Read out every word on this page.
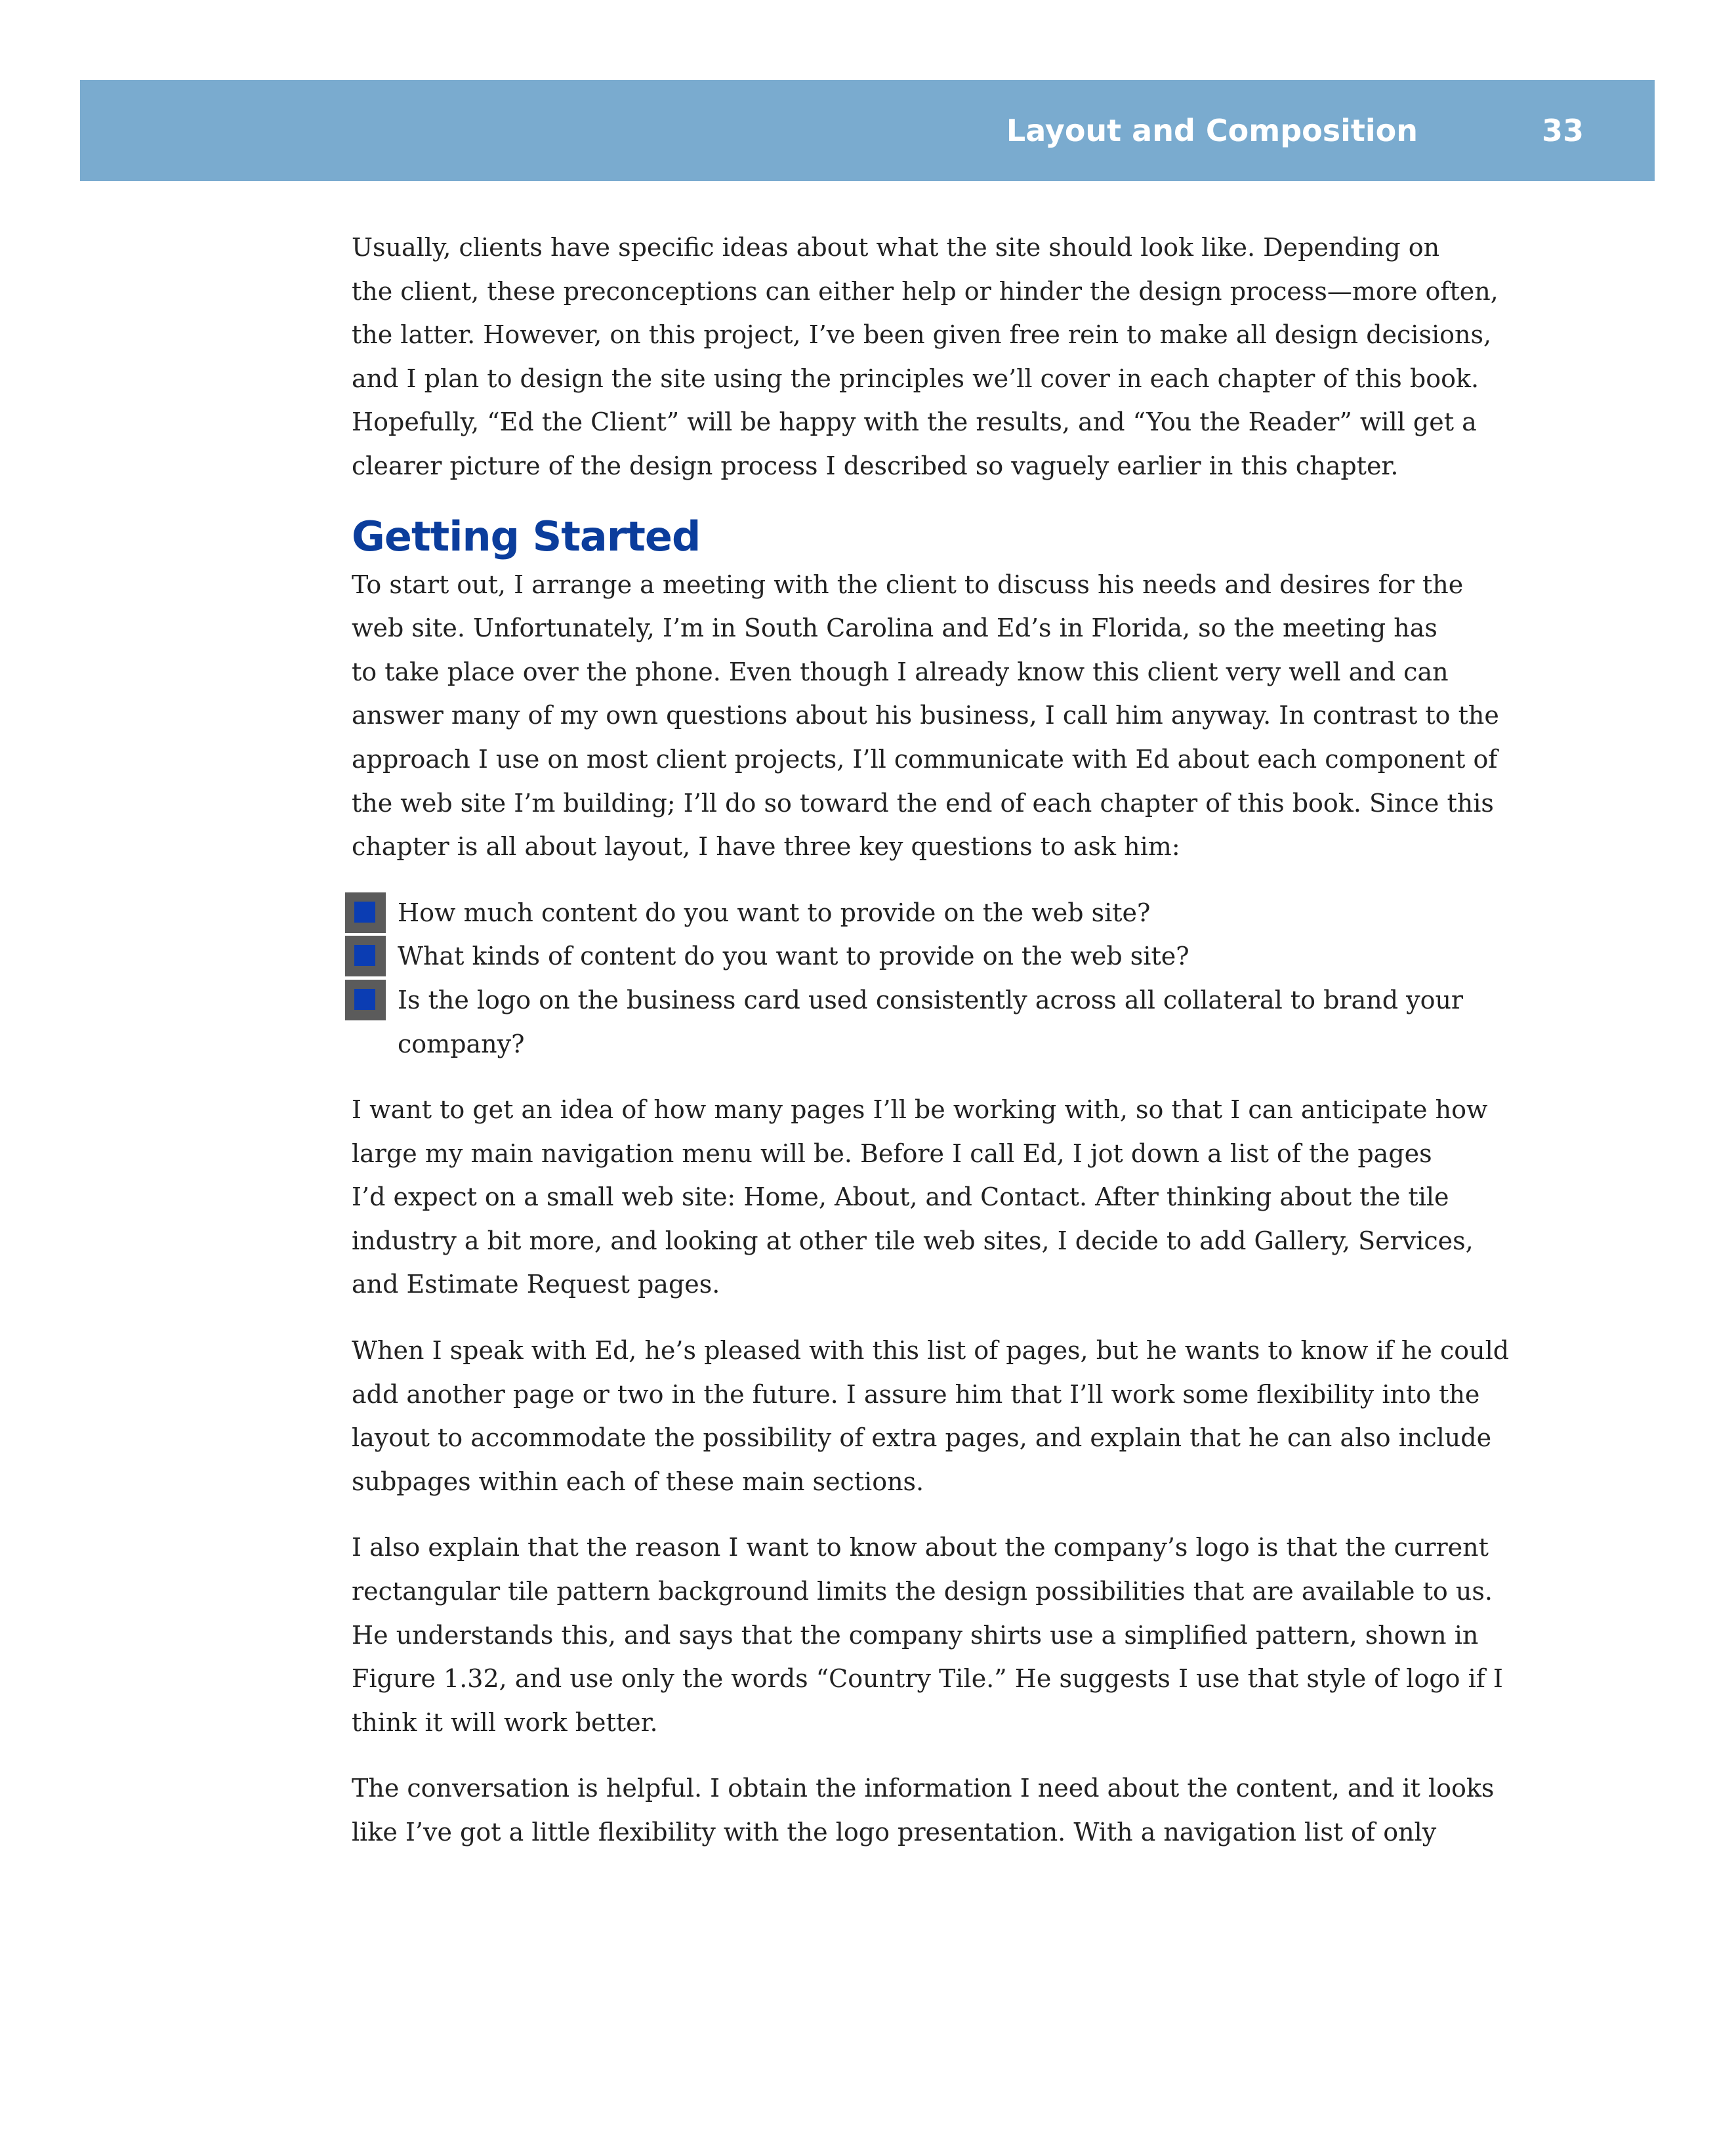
Layout and Composition	33

Usually, clients have specific ideas about what the site should look like. Depending on
the client, these preconceptions can either help or hinder the design process—more often,
the latter. However, on this project, I’ve been given free rein to make all design decisions,
and I plan to design the site using the principles we’ll cover in each chapter of this book.
Hopefully, “Ed the Client” will be happy with the results, and “You the Reader” will get a
clearer picture of the design process I described so vaguely earlier in this chapter.

Getting Started

To start out, I arrange a meeting with the client to discuss his needs and desires for the
web site. Unfortunately, I’m in South Carolina and Ed’s in Florida, so the meeting has
to take place over the phone. Even though I already know this client very well and can
answer many of my own questions about his business, I call him anyway. In contrast to the
approach I use on most client projects, I’ll communicate with Ed about each component of
the web site I’m building; I’ll do so toward the end of each chapter of this book. Since this
chapter is all about layout, I have three key questions to ask him:

How much content do you want to provide on the web site?
What kinds of content do you want to provide on the web site?
Is the logo on the business card used consistently across all collateral to brand your
company?

I want to get an idea of how many pages I’ll be working with, so that I can anticipate how
large my main navigation menu will be. Before I call Ed, I jot down a list of the pages
I’d expect on a small web site: Home, About, and Contact. After thinking about the tile
industry a bit more, and looking at other tile web sites, I decide to add Gallery, Services,
and Estimate Request pages.

When I speak with Ed, he’s pleased with this list of pages, but he wants to know if he could
add another page or two in the future. I assure him that I’ll work some flexibility into the
layout to accommodate the possibility of extra pages, and explain that he can also include
subpages within each of these main sections.

I also explain that the reason I want to know about the company’s logo is that the current
rectangular tile pattern background limits the design possibilities that are available to us.
He understands this, and says that the company shirts use a simplified pattern, shown in
Figure 1.32, and use only the words “Country Tile.” He suggests I use that style of logo if I
think it will work better.

The conversation is helpful. I obtain the information I need about the content, and it looks
like I’ve got a little flexibility with the logo presentation. With a navigation list of only
